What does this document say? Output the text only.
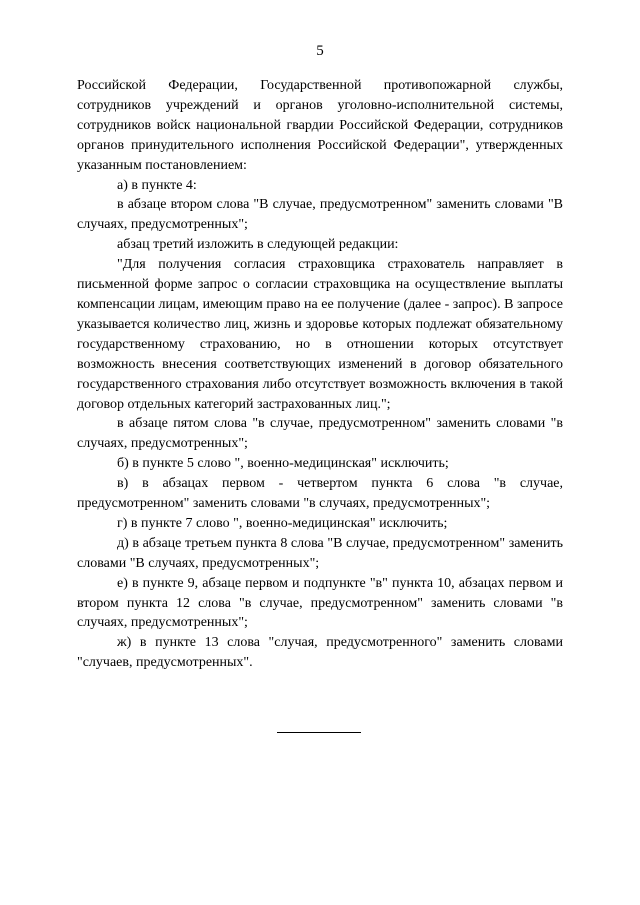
5

Российской Федерации, Государственной противопожарной службы, сотрудников учреждений и органов уголовно-исполнительной системы, сотрудников войск национальной гвардии Российской Федерации, сотрудников органов принудительного исполнения Российской Федерации", утвержденных указанным постановлением:

а) в пункте 4:

в абзаце втором слова "В случае, предусмотренном" заменить словами "В случаях, предусмотренных";

абзац третий изложить в следующей редакции:

"Для получения согласия страховщика страхователь направляет в письменной форме запрос о согласии страховщика на осуществление выплаты компенсации лицам, имеющим право на ее получение (далее - запрос). В запросе указывается количество лиц, жизнь и здоровье которых подлежат обязательному государственному страхованию, но в отношении которых отсутствует возможность внесения соответствующих изменений в договор обязательного государственного страхования либо отсутствует возможность включения в такой договор отдельных категорий застрахованных лиц.";

в абзаце пятом слова "в случае, предусмотренном" заменить словами "в случаях, предусмотренных";

б) в пункте 5 слово ", военно-медицинская" исключить;

в) в абзацах первом - четвертом пункта 6 слова "в случае, предусмотренном" заменить словами "в случаях, предусмотренных";

г) в пункте 7 слово ", военно-медицинская" исключить;

д) в абзаце третьем пункта 8 слова "В случае, предусмотренном" заменить словами "В случаях, предусмотренных";

е) в пункте 9, абзаце первом и подпункте "в" пункта 10, абзацах первом и втором пункта 12 слова "в случае, предусмотренном" заменить словами "в случаях, предусмотренных";

ж) в пункте 13 слова "случая, предусмотренного" заменить словами "случаев, предусмотренных".
